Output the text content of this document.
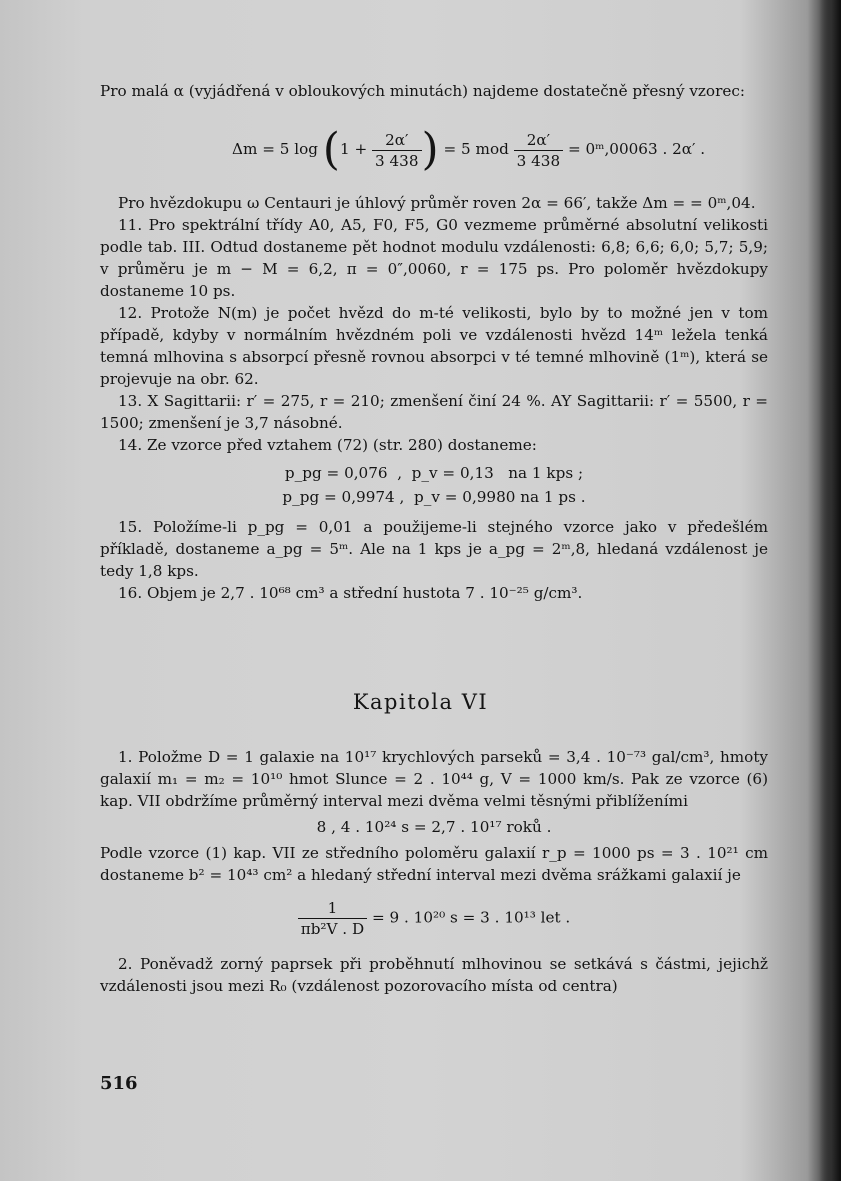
Pro malá α (vyjádřená v obloukových minutách) najdeme dostatečně přesný vzorec:

Δm = 5 $\log (1 + \frac{2\alpha'}{3 438}$ ) = 5 mod $\frac{2\alpha'}{3 438}$ = 0ᵐ,00063 . 2α′ .

Pro hvězdokupu ω Centauri je úhlový průměr roven 2α = 66′, takže Δm = = 0ᵐ,04.

11. Pro spektrální třídy A0, A5, F0, F5, G0 vezmeme průměrné absolutní velikosti podle tab. III. Odtud dostaneme pět hodnot modulu vzdálenosti: 6,8; 6,6; 6,0; 5,7; 5,9; v průměru je m − M = 6,2, π = 0″,0060, r = 175 ps. Pro poloměr hvězdokupy dostaneme 10 ps.

12. Protože N(m) je počet hvězd do m-té velikosti, bylo by to možné jen v tom případě, kdyby v normálním hvězdném poli ve vzdálenosti hvězd 14ᵐ ležela tenká temná mlhovina s absorpcí přesně rovnou absorpci v té temné mlhovině (1ᵐ), která se projevuje na obr. 62.

13. X Sagittarii: r′ = 275, r = 210; zmenšení činí 24 %. AY Sagittarii: r′ = 5500, r = 1500; zmenšení je 3,7 násobné.

14. Ze vzorce před vztahem (72) (str. 280) dostaneme:

p_pg = 0,076  ,  p_v = 0,13   na 1 kps ;

p_pg = 0,9974 ,  p_v = 0,9980 na 1 ps .

15. Položíme-li p_pg = 0,01 a použijeme-li stejného vzorce jako v předešlém příkladě, dostaneme a_pg = 5ᵐ. Ale na 1 kps je a_pg = 2ᵐ,8, hledaná vzdálenost je tedy 1,8 kps.

16. Objem je 2,7 . 10⁶⁸ cm³ a střední hustota 7 . 10⁻²⁵ g/cm³.

Kapitola VI

1. Položme D = 1 galaxie na 10¹⁷ krychlových parseků = 3,4 . 10⁻⁷³ gal/cm³, hmoty galaxií m₁ = m₂ = 10¹⁰ hmot Slunce = 2 . 10⁴⁴ g, V = 1000 km/s. Pak ze vzorce (6) kap. VII obdržíme průměrný interval mezi dvěma velmi těsnými přiblíženími

8 , 4 . 10²⁴ s = 2,7 . 10¹⁷ roků .

Podle vzorce (1) kap. VII ze středního poloměru galaxií r_p = 1000 ps = 3 . 10²¹ cm dostaneme b² = 10⁴³ cm² a hledaný střední interval mezi dvěma srážkami galaxií je

$\frac{1}{\text{πb²V . D}} = 9$ . 10²⁰ s = 3 . 10¹³ let .

2. Poněvadž zorný paprsek při proběhnutí mlhovinou se setkává s částmi, jejichž vzdálenosti jsou mezi R₀ (vzdálenost pozorovacího místa od centra)

516
